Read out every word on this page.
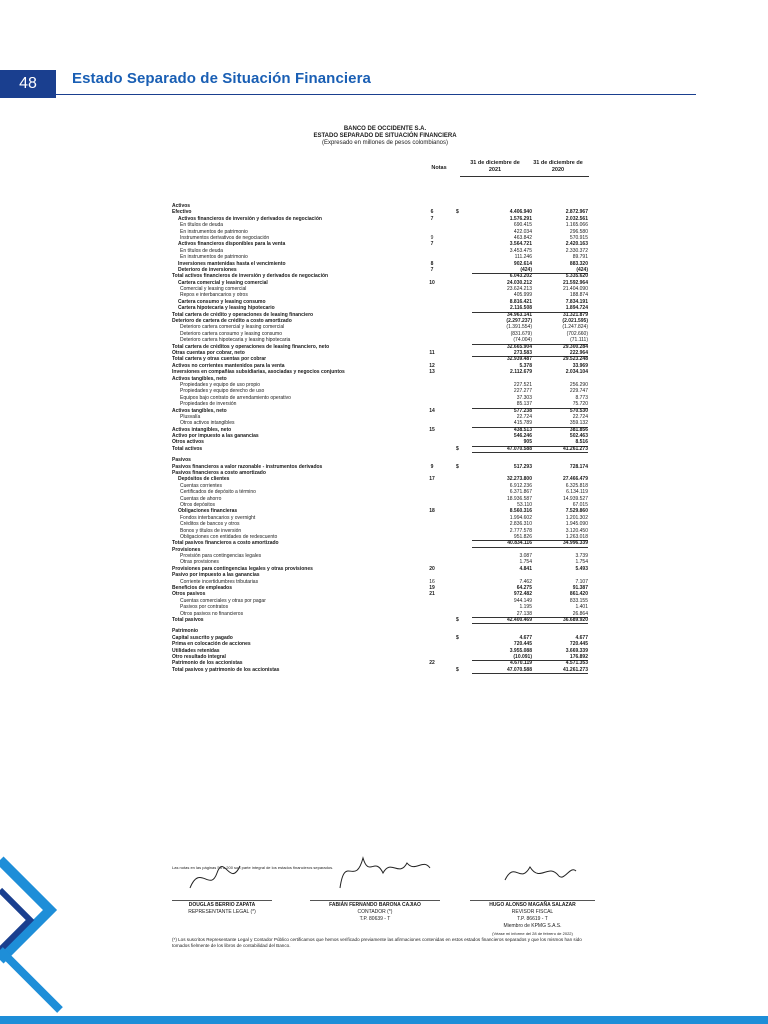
48	Estado Separado de Situación Financiera
BANCO DE OCCIDENTE S.A.
ESTADO SEPARADO DE SITUACIÓN FINANCIERA
(Expresado en millones de pesos colombianos)
Notas
31 de diciembre de
2021
31 de diciembre de
2020
Activos
Efectivo	6	$	4.406.940	2.872.967
Activos financieros de inversión y derivados de negociación	7	1.576.291	2.032.561
En títulos de deuda	690.415	1.165.066
En instrumentos de patrimonio	422.034	296.580
Instrumentos derivativos de negociación	9	463.842	570.915
Activos financieros disponibles para la venta	7	3.564.721	2.420.163
En títulos de deuda	3.453.475	2.330.372
En instrumentos de patrimonio	111.246	89.791
Inversiones mantenidas hasta el vencimiento	8	902.614	883.320
Deterioro de inversiones	7	(424)	(424)
Total activos financieros de inversión y derivados de negociación	6.043.202	5.335.620
Cartera comercial y leasing comercial	10	24.030.212	21.592.964
Comercial y leasing comercial	23.624.213	21.404.090
Repos e interbancarios y otros	405.999	188.874
Cartera consumo y leasing consumo	8.816.421	7.834.191
Cartera hipotecaria y leasing hipotecario	2.116.508	1.894.724
Total cartera de crédito y operaciones de leasing financiero	34.963.141	31.321.879
Deterioro de cartera de crédito a costo amortizado	(2.297.237)	(2.021.595)
Deterioro cartera comercial y leasing comercial	(1.391.554)	(1.247.824)
Deterioro cartera consumo y leasing consumo	(831.679)	(702.660)
Deterioro cartera hipotecaria y leasing hipotecaria	(74.004)	(71.111)
Total cartera de créditos y operaciones de leasing financiero, neto	32.665.904	29.300.284
Otras cuentas por cobrar, neto	11	273.583	222.964
Total cartera y otras cuentas por cobrar	32.939.487	29.523.248
Activos no corrientes mantenidos para la venta	12	5.378	33.969
Inversiones en compañías subsidiarias, asociadas y negocios conjuntos	13	2.112.679	2.034.104
Activos tangibles, neto
Propiedades y equipo de uso propio	227.521	256.290
Propiedades y equipo derecho de uso	227.277	229.747
Equipos bajo contrato de arrendamiento operativo	37.303	8.773
Propiedades de inversión	85.137	75.720
Activos tangibles, neto	14	577.238	570.530
Plusvalía	22.724	22.724
Otros activos intangibles	415.789	359.132
Activos intangibles, neto	15	438.513	381.856
Activo por impuesto a las ganancias	546.246	502.463
Otros activos	905	8.516
Total activos	$	47.070.588	41.261.273
Pasivos
Pasivos financieros a valor razonable - instrumentos derivados	9	$	517.293	728.174
Pasivos financieros a costo amortizado
Depósitos de clientes	17	32.273.800	27.466.479
Cuentas corrientes	6.912.236	6.325.818
Certificados de depósito a término	6.371.867	6.134.119
Cuentas de ahorro	18.936.587	14.939.527
Otros depósitos	53.110	67.015
Obligaciones financieras	18	8.560.316	7.529.860
Fondos interbancarios y overnight	1.994.602	1.201.302
Créditos de bancos y otros	2.836.310	1.945.090
Bonos y títulos de inversión	2.777.578	3.120.450
Obligaciones con entidades de redescuento	951.826	1.263.018
Total pasivos financieros a costo amortizado	40.834.116	34.996.339
Provisiones
Provisión para contingencias legales	3.087	3.739
Otras provisiones	1.754	1.754
Provisiones para contingencias legales y otras provisiones	20	4.841	5.493
Pasivo por impuesto a las ganancias
Corriente incertidumbres tributarias	16	7.462	7.107
Beneficios de empleados	19	64.275	91.387
Otros pasivos	21	972.482	861.420
Cuentas comerciales y otras por pagar	944.149	833.155
Pasivos por contratos	1.195	1.401
Otros pasivos no financieros	27.138	26.864
Total pasivos	$	42.400.469	36.689.920
Patrimonio
Capital suscrito y pagado	$	4.677	4.677
Prima en colocación de acciones	720.445	720.445
Utilidades retenidas	3.955.088	3.669.339
Otro resultado integral	(10.091)	176.892
Patrimonio de los accionistas	22	4.670.119	4.571.353
Total pasivos y patrimonio de los accionistas	$	47.070.588	41.261.273
Las notas en las páginas 53 a 200 son parte integral de los estados financieros separados.
DOUGLAS BERRIO ZAPATA
REPRESENTANTE LEGAL (*)
FABIÁN FERNANDO BARONA CAJIAO
CONTADOR (*)
T.P. 80639 - T
HUGO ALONSO MAGAÑA SALAZAR
REVISOR FISCAL
T.P. 86619 - T
Miembro de KPMG S.A.S.
(Véase mi informe del 28 de febrero de 2022)
(*) Los suscritos Representante Legal y Contador Público certificamos que hemos verificado previamente las afirmaciones contenidas en estos estados financieros separados y que los mismos han sido tomados fielmente de los libros de contabilidad del Banco.
